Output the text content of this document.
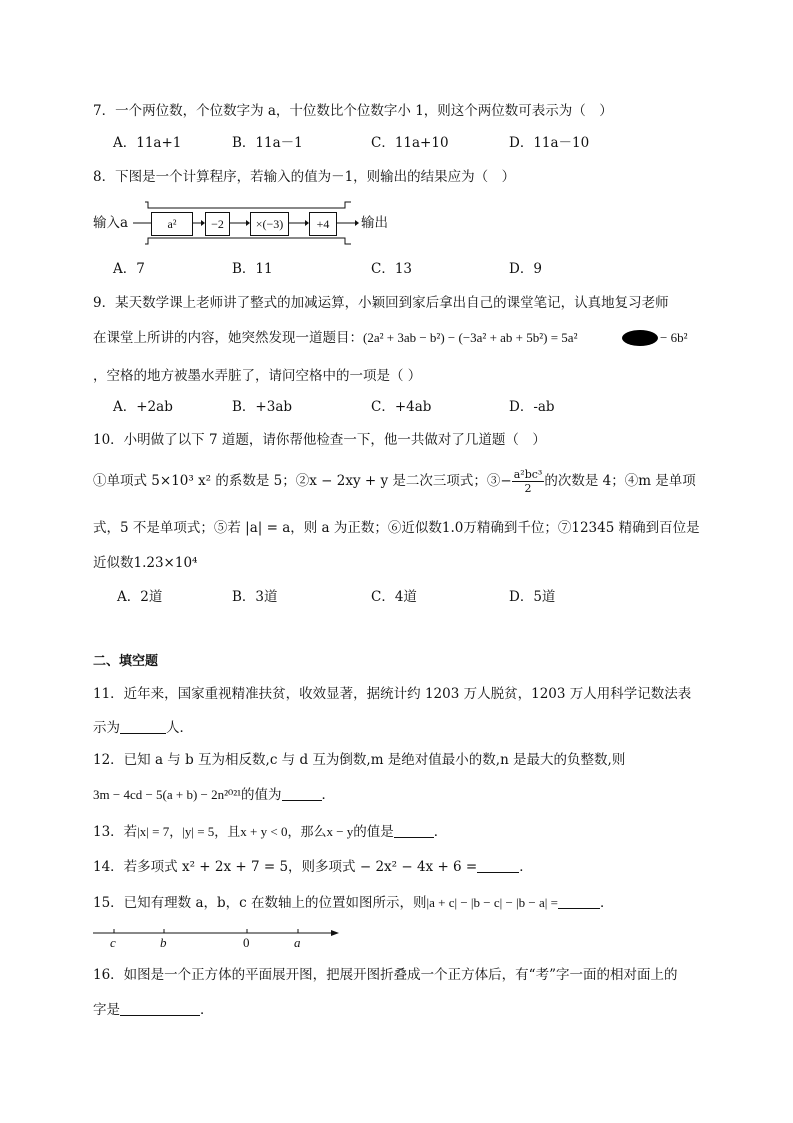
7．一个两位数，个位数字为 a，十位数比个位数字小 1，则这个两位数可表示为（　）
A．11a+1	B．11a－1	C．11a+10	D．11a－10
8．下图是一个计算程序，若输入的值为－1，则输出的结果应为（　）
输入a	a²	−2	×(−3)	+4	输出
A．7	B．11	C．13	D．9
9．某天数学课上老师讲了整式的加减运算，小颖回到家后拿出自己的课堂笔记，认真地复习老师
在课堂上所讲的内容，她突然发现一道题目：(2a² + 3ab − b²) − (−3a² + ab + 5b²) = 5a²	− 6b²
，空格的地方被墨水弄脏了，请问空格中的一项是（ ）
A．+2ab	B．+3ab	C．+4ab	D．-ab
10．小明做了以下 7 道题，请你帮他检查一下，他一共做对了几道题（　）
①单项式 5×10³ x² 的系数是 5；②x − 2xy + y 是二次三项式；③− $\frac{\text{a²bc³}}{2}$ 的次数是 4；④m 是单项
式，5 不是单项式；⑤若 |a| = a，则 a 为正数；⑥近似数1.0万精确到千位；⑦12345 精确到百位是
近似数1.23×10⁴
A．2道	B．3道	C．4道	D．5道
二、填空题
11．近年来，国家重视精准扶贫，收效显著，据统计约 1203 万人脱贫，1203 万人用科学记数法表
示为	人．
12．已知 a 与 b 互为相反数,c 与 d 互为倒数,m 是绝对值最小的数,n 是最大的负整数,则
3m − 4cd − 5(a + b) − 2n²⁰²¹的值为	．
13．若|x| = 7，|y| = 5，且x + y < 0，那么x − y的值是	．
14．若多项式 x² + 2x + 7 = 5，则多项式 − 2x² − 4x + 6 =	．
15．已知有理数 a，b，c 在数轴上的位置如图所示，则|a + c| − |b − c| − |b − a| =	．
c	b	0	a
16．如图是一个正方体的平面展开图，把展开图折叠成一个正方体后，有“考”字一面的相对面上的
字是	．
